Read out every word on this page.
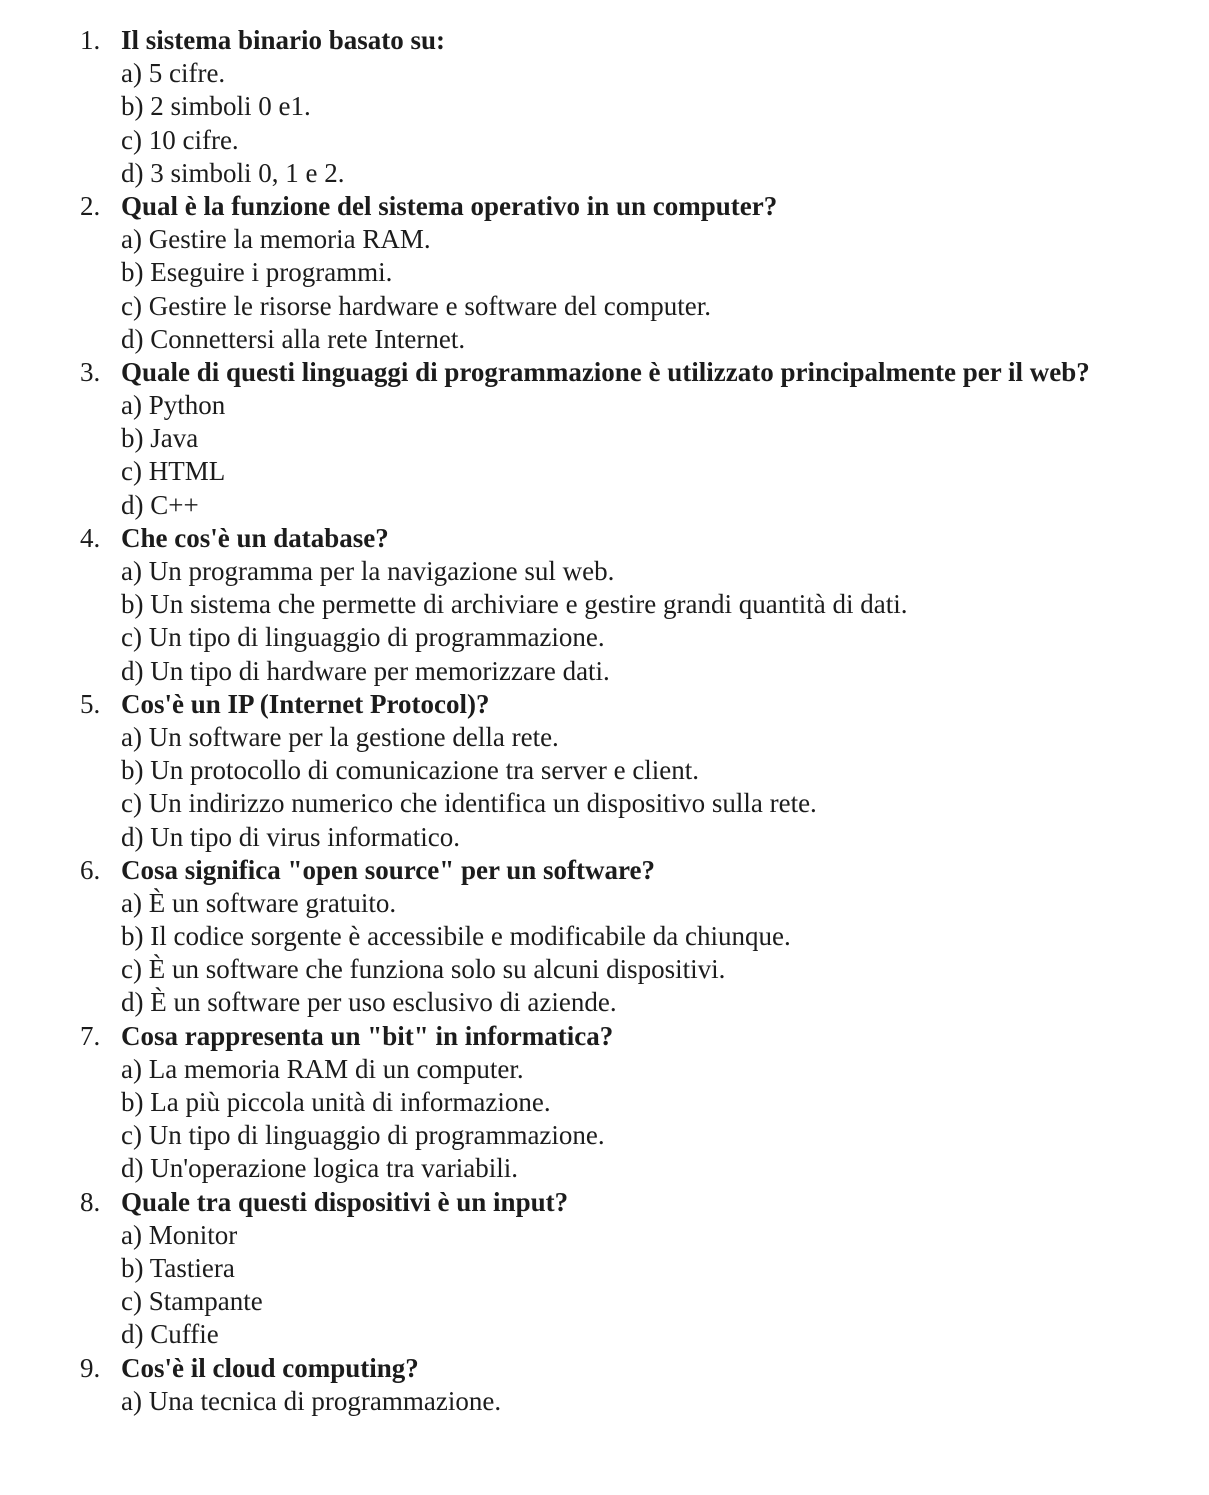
1. Il sistema binario basato su:
a) 5 cifre.
b) 2 simboli 0 e1.
c) 10 cifre.
d) 3 simboli 0, 1 e 2.
2. Qual è la funzione del sistema operativo in un computer?
a) Gestire la memoria RAM.
b) Eseguire i programmi.
c) Gestire le risorse hardware e software del computer.
d) Connettersi alla rete Internet.
3. Quale di questi linguaggi di programmazione è utilizzato principalmente per il web?
a) Python
b) Java
c) HTML
d) C++
4. Che cos'è un database?
a) Un programma per la navigazione sul web.
b) Un sistema che permette di archiviare e gestire grandi quantità di dati.
c) Un tipo di linguaggio di programmazione.
d) Un tipo di hardware per memorizzare dati.
5. Cos'è un IP (Internet Protocol)?
a) Un software per la gestione della rete.
b) Un protocollo di comunicazione tra server e client.
c) Un indirizzo numerico che identifica un dispositivo sulla rete.
d) Un tipo di virus informatico.
6. Cosa significa "open source" per un software?
a) È un software gratuito.
b) Il codice sorgente è accessibile e modificabile da chiunque.
c) È un software che funziona solo su alcuni dispositivi.
d) È un software per uso esclusivo di aziende.
7. Cosa rappresenta un "bit" in informatica?
a) La memoria RAM di un computer.
b) La più piccola unità di informazione.
c) Un tipo di linguaggio di programmazione.
d) Un'operazione logica tra variabili.
8. Quale tra questi dispositivi è un input?
a) Monitor
b) Tastiera
c) Stampante
d) Cuffie
9. Cos'è il cloud computing?
a) Una tecnica di programmazione.
